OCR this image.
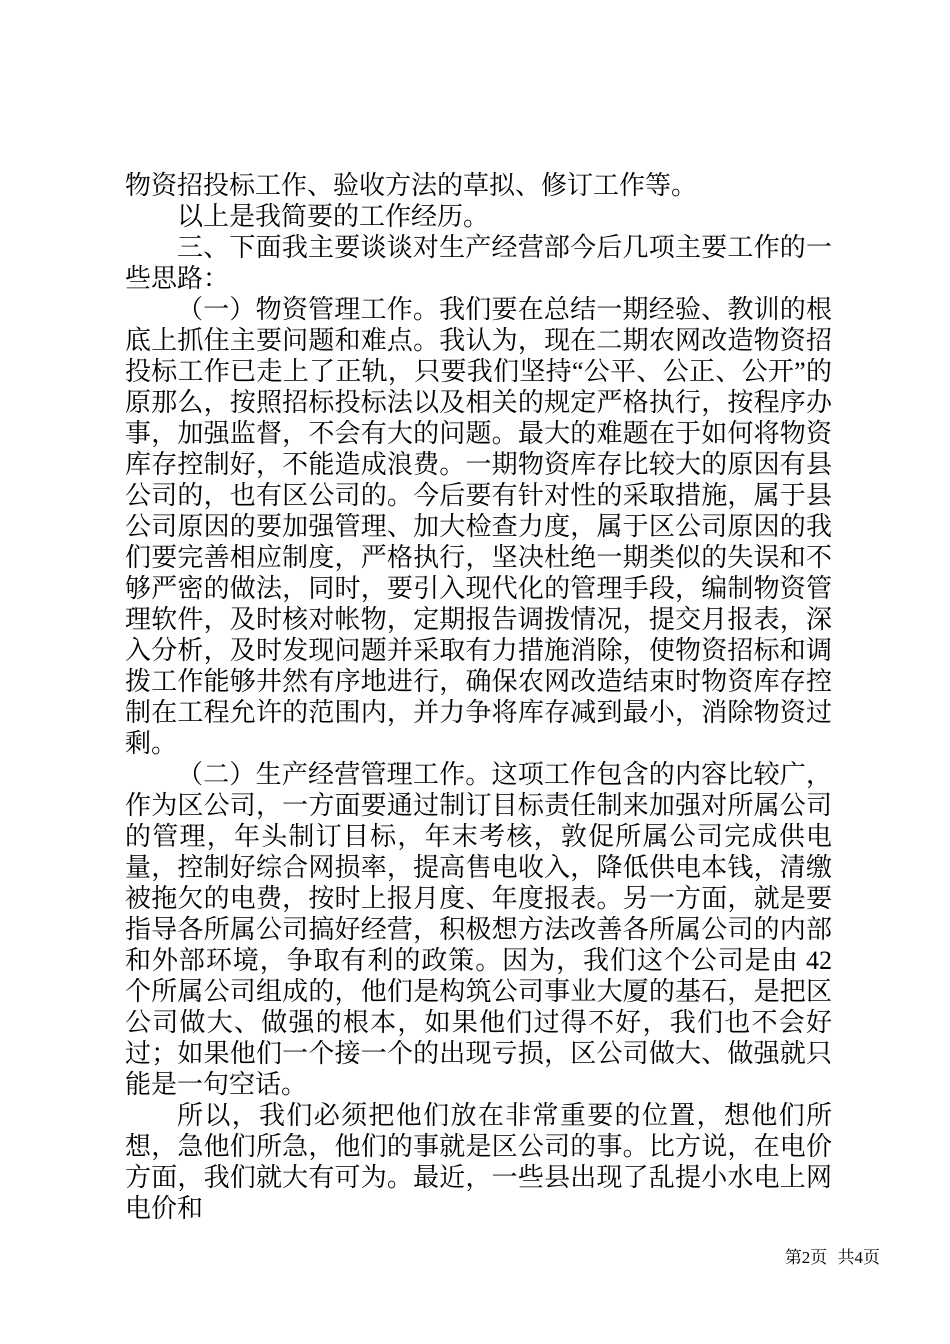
物资招投标工作、验收方法的草拟、修订工作等。

以上是我简要的工作经历。

三、下面我主要谈谈对生产经营部今后几项主要工作的一些思路：

（一）物资管理工作。我们要在总结一期经验、教训的根底上抓住主要问题和难点。我认为，现在二期农网改造物资招投标工作已走上了正轨，只要我们坚持“公平、公正、公开”的原那么，按照招标投标法以及相关的规定严格执行，按程序办事，加强监督，不会有大的问题。最大的难题在于如何将物资库存控制好，不能造成浪费。一期物资库存比较大的原因有县公司的，也有区公司的。今后要有针对性的采取措施，属于县公司原因的要加强管理、加大检查力度，属于区公司原因的我们要完善相应制度，严格执行，坚决杜绝一期类似的失误和不够严密的做法，同时，要引入现代化的管理手段，编制物资管理软件，及时核对帐物，定期报告调拨情况，提交月报表，深入分析，及时发现问题并采取有力措施消除，使物资招标和调拨工作能够井然有序地进行，确保农网改造结束时物资库存控制在工程允许的范围内，并力争将库存减到最小，消除物资过剩。

（二）生产经营管理工作。这项工作包含的内容比较广，作为区公司，一方面要通过制订目标责任制来加强对所属公司的管理，年头制订目标，年末考核，敦促所属公司完成供电量，控制好综合网损率，提高售电收入，降低供电本钱，清缴被拖欠的电费，按时上报月度、年度报表。另一方面，就是要指导各所属公司搞好经营，积极想方法改善各所属公司的内部和外部环境，争取有利的政策。因为，我们这个公司是由 42 个所属公司组成的，他们是构筑公司事业大厦的基石，是把区公司做大、做强的根本，如果他们过得不好，我们也不会好过；如果他们一个接一个的出现亏损，区公司做大、做强就只能是一句空话。

所以，我们必须把他们放在非常重要的位置，想他们所想，急他们所急，他们的事就是区公司的事。比方说，在电价方面，我们就大有可为。最近，一些县出现了乱提小水电上网电价和

第2页 共4页
